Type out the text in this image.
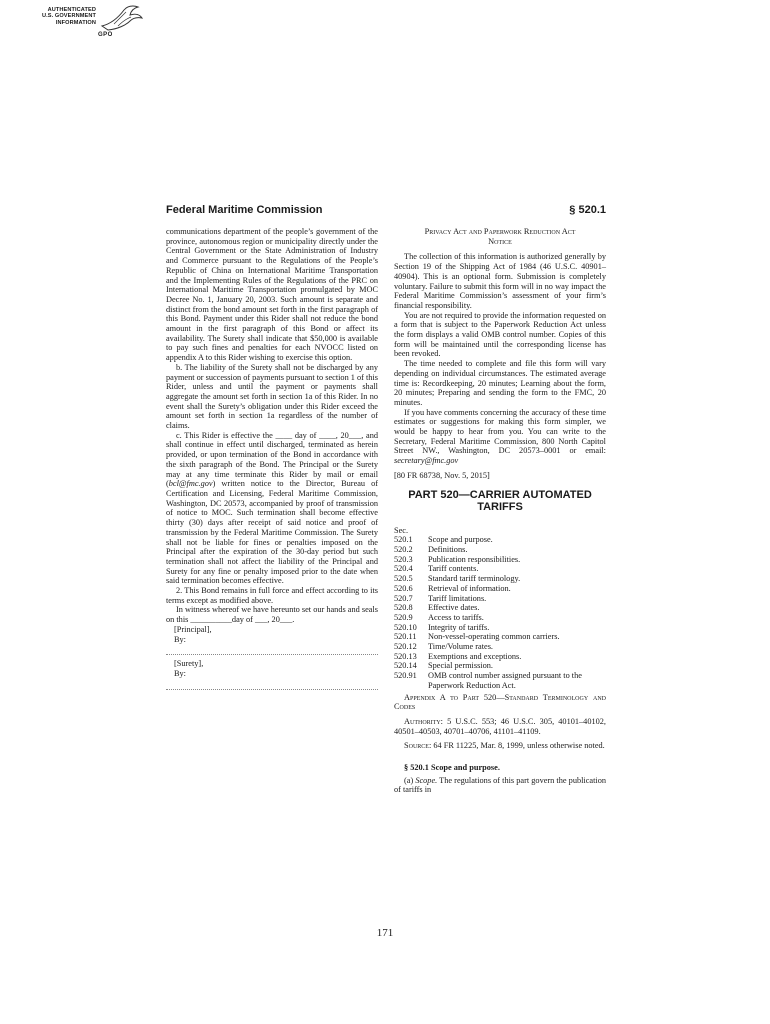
AUTHENTICATED
U.S. GOVERNMENT
INFORMATION
GPO
Federal Maritime Commission	§ 520.1

communications department of the people’s government of the province, autonomous region or municipality directly under the Central Government or the State Administration of Industry and Commerce pursuant to the Regulations of the People’s Republic of China on International Maritime Transportation and the Implementing Rules of the Regulations of the PRC on International Maritime Transportation promulgated by MOC Decree No. 1, January 20, 2003. Such amount is separate and distinct from the bond amount set forth in the first paragraph of this Bond. Payment under this Rider shall not reduce the bond amount in the first paragraph of this Bond or affect its availability. The Surety shall indicate that $50,000 is available to pay such fines and penalties for each NVOCC listed on appendix A to this Rider wishing to exercise this option.

b. The liability of the Surety shall not be discharged by any payment or succession of payments pursuant to section 1 of this Rider, unless and until the payment or payments shall aggregate the amount set forth in section 1a of this Rider. In no event shall the Surety’s obligation under this Rider exceed the amount set forth in section 1a regardless of the number of claims.

c. This Rider is effective the ____ day of ____, 20___, and shall continue in effect until discharged, terminated as herein provided, or upon termination of the Bond in accordance with the sixth paragraph of the Bond. The Principal or the Surety may at any time terminate this Rider by mail or email (bcl@fmc.gov) written notice to the Director, Bureau of Certification and Licensing, Federal Maritime Commission, Washington, DC 20573, accompanied by proof of transmission of notice to MOC. Such termination shall become effective thirty (30) days after receipt of said notice and proof of transmission by the Federal Maritime Commission. The Surety shall not be liable for fines or penalties imposed on the Principal after the expiration of the 30-day period but such termination shall not affect the liability of the Principal and Surety for any fine or penalty imposed prior to the date when said termination becomes effective.

2. This Bond remains in full force and effect according to its terms except as modified above.

In witness whereof we have hereunto set our hands and seals on this __________day of ___, 20___.

[Principal],

By:

[Surety],

By:

Privacy Act and Paperwork Reduction Act
Notice

The collection of this information is authorized generally by Section 19 of the Shipping Act of 1984 (46 U.S.C. 40901–40904). This is an optional form. Submission is completely voluntary. Failure to submit this form will in no way impact the Federal Maritime Commission’s assessment of your firm’s financial responsibility.

You are not required to provide the information requested on a form that is subject to the Paperwork Reduction Act unless the form displays a valid OMB control number. Copies of this form will be maintained until the corresponding license has been revoked.

The time needed to complete and file this form will vary depending on individual circumstances. The estimated average time is: Recordkeeping, 20 minutes; Learning about the form, 20 minutes; Preparing and sending the form to the FMC, 20 minutes.

If you have comments concerning the accuracy of these time estimates or suggestions for making this form simpler, we would be happy to hear from you. You can write to the Secretary, Federal Maritime Commission, 800 North Capitol Street NW., Washington, DC 20573–0001 or email: secretary@fmc.gov

[80 FR 68738, Nov. 5, 2015]

PART 520—CARRIER AUTOMATED
TARIFFS

Sec.

520.1	Scope and purpose.
520.2	Definitions.
520.3	Publication responsibilities.
520.4	Tariff contents.
520.5	Standard tariff terminology.
520.6	Retrieval of information.
520.7	Tariff limitations.
520.8	Effective dates.
520.9	Access to tariffs.
520.10	Integrity of tariffs.
520.11	Non-vessel-operating common carriers.
520.12	Time/Volume rates.
520.13	Exemptions and exceptions.
520.14	Special permission.
520.91	OMB control number assigned pursuant to the Paperwork Reduction Act.

Appendix A to Part 520—Standard Terminology and Codes

Authority: 5 U.S.C. 553; 46 U.S.C. 305, 40101–40102, 40501–40503, 40701–40706, 41101–41109.

Source: 64 FR 11225, Mar. 8, 1999, unless otherwise noted.

§ 520.1 Scope and purpose.

(a) Scope. The regulations of this part govern the publication of tariffs in

171
